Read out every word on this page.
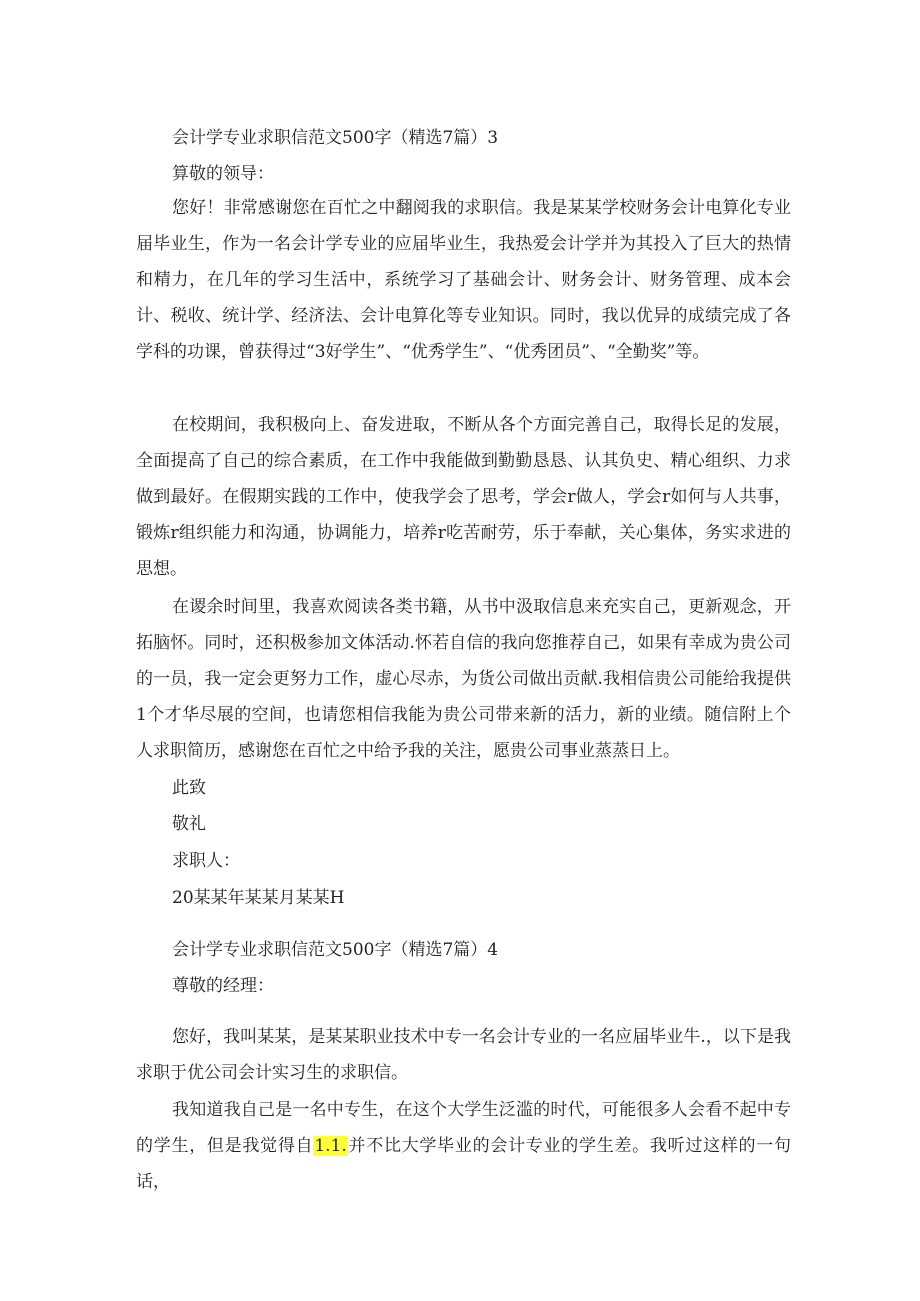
会计学专业求职信范文500字（精选7篇）3
算敬的领导：

您好！非常感谢您在百忙之中翻阅我的求职信。我是某某学校财务会计电算化专业届毕业生，作为一名会计学专业的应届毕业生，我热爱会计学并为其投入了巨大的热情和精力，在几年的学习生活中，系统学习了基础会计、财务会计、财务管理、成本会计、税收、统计学、经济法、会计电算化等专业知识。同时，我以优异的成绩完成了各学科的功课，曾获得过“3好学生”、“优秀学生”、“优秀团员”、“全勤奖”等。

在校期间，我积极向上、奋发进取，不断从各个方面完善自己，取得长足的发展，全面提高了自己的综合素质，在工作中我能做到勤勤恳恳、认其负史、精心组织、力求做到最好。在假期实践的工作中，使我学会了思考，学会r做人，学会r如何与人共事，锻炼r组织能力和沟通，协调能力，培养r吃苦耐劳，乐于奉献，关心集体，务实求进的思想。

在谡余时间里，我喜欢阅读各类书籍，从书中汲取信息来充实自己，更新观念，开拓脑怀。同时，还积极参加文体活动.怀若自信的我向您推荐自己，如果有幸成为贵公司的一员，我一定会更努力工作，虚心尽赤，为货公司做出贡献.我相信贵公司能给我提供1个才华尽展的空间，也请您相信我能为贵公司带来新的活力，新的业绩。随信附上个人求职简历，感谢您在百忙之中给予我的关注，愿贵公司事业蒸蒸日上。

此致
敬礼
求职人：
20某某年某某月某某H
会计学专业求职信范文500字（精选7篇）4
尊敬的经理：

您好，我叫某某，是某某职业技术中专一名会计专业的一名应届毕业牛.，以下是我求职于优公司会计实习生的求职信。

我知道我自己是一名中专生，在这个大学生泛滥的时代，可能很多人会看不起中专的学生，但是我觉得自1.1.并不比大学毕业的会计专业的学生差。我听过这样的一句话，
